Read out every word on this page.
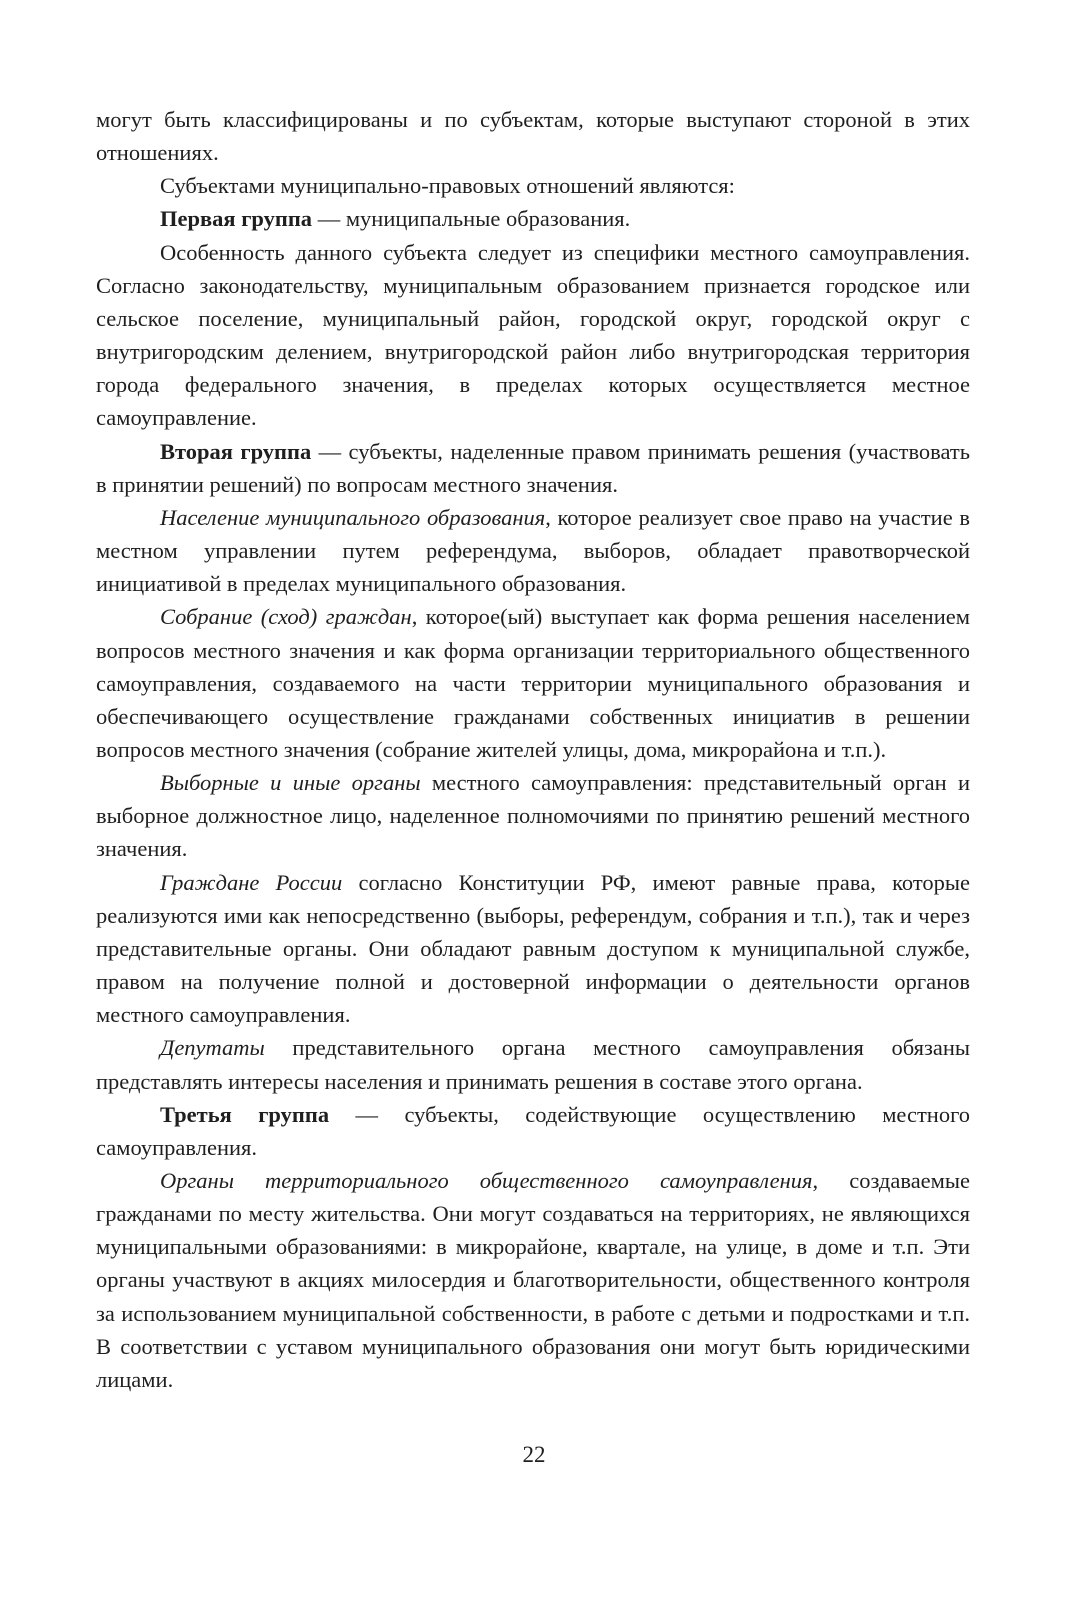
могут быть классифицированы и по субъектам, которые выступают стороной в этих отношениях.

Субъектами муниципально-правовых отношений являются:

Первая группа — муниципальные образования.

Особенность данного субъекта следует из специфики местного самоуправления. Согласно законодательству, муниципальным образованием признается городское или сельское поселение, муниципальный район, городской округ, городской округ с внутригородским делением, внутригородской район либо внутригородская территория города федерального значения, в пределах которых осуществляется местное самоуправление.

Вторая группа — субъекты, наделенные правом принимать решения (участвовать в принятии решений) по вопросам местного значения.

Население муниципального образования, которое реализует свое право на участие в местном управлении путем референдума, выборов, обладает правотворческой инициативой в пределах муниципального образования.

Собрание (сход) граждан, которое(ый) выступает как форма решения населением вопросов местного значения и как форма организации территориального общественного самоуправления, создаваемого на части территории муниципального образования и обеспечивающего осуществление гражданами собственных инициатив в решении вопросов местного значения (собрание жителей улицы, дома, микрорайона и т.п.).

Выборные и иные органы местного самоуправления: представительный орган и выборное должностное лицо, наделенное полномочиями по принятию решений местного значения.

Граждане России согласно Конституции РФ, имеют равные права, которые реализуются ими как непосредственно (выборы, референдум, собрания и т.п.), так и через представительные органы. Они обладают равным доступом к муниципальной службе, правом на получение полной и достоверной информации о деятельности органов местного самоуправления.

Депутаты представительного органа местного самоуправления обязаны представлять интересы населения и принимать решения в составе этого органа.

Третья группа — субъекты, содействующие осуществлению местного самоуправления.

Органы территориального общественного самоуправления, создаваемые гражданами по месту жительства. Они могут создаваться на территориях, не являющихся муниципальными образованиями: в микрорайоне, квартале, на улице, в доме и т.п. Эти органы участвуют в акциях милосердия и благотворительности, общественного контроля за использованием муниципальной собственности, в работе с детьми и подростками и т.п. В соответствии с уставом муниципального образования они могут быть юридическими лицами.

22
